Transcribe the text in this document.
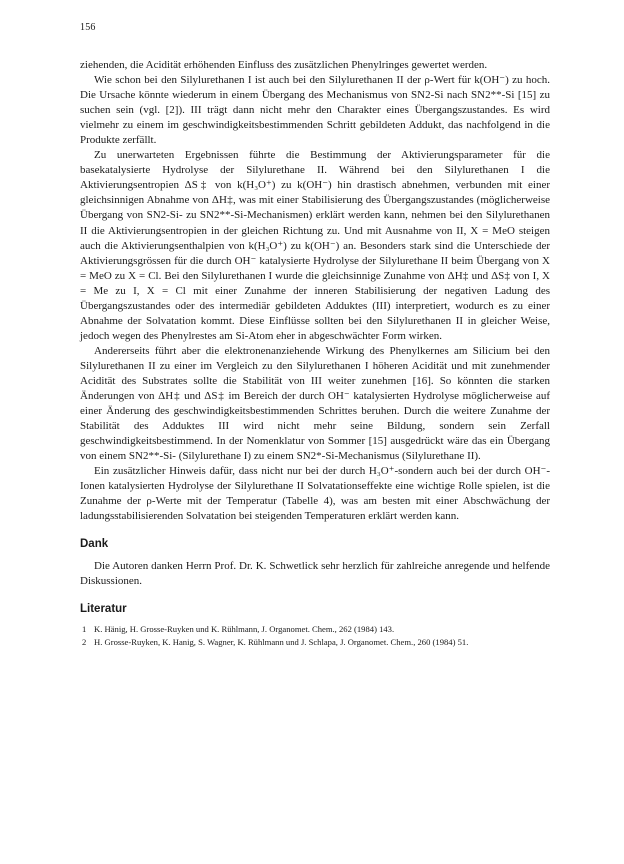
156

ziehenden, die Acidität erhöhenden Einfluss des zusätzlichen Phenylringes gewertet werden.

Wie schon bei den Silylurethanen I ist auch bei den Silylurethanen II der ρ-Wert für k(OH⁻) zu hoch. Die Ursache könnte wiederum in einem Übergang des Mechanismus von SN2-Si nach SN2**-Si [15] zu suchen sein (vgl. [2]). III trägt dann nicht mehr den Charakter eines Übergangszustandes. Es wird vielmehr zu einem im geschwindigkeitsbestimmenden Schritt gebildeten Addukt, das nachfolgend in die Produkte zerfällt.

Zu unerwarteten Ergebnissen führte die Bestimmung der Aktivierungsparameter für die basekatalysierte Hydrolyse der Silylurethane II. Während bei den Silylurethanen I die Aktivierungsentropien ΔS‡ von k(H₃O⁺) zu k(OH⁻) hin drastisch abnehmen, verbunden mit einer gleichsinnigen Abnahme von ΔH‡, was mit einer Stabilisierung des Übergangszustandes (möglicherweise Übergang von SN2-Si- zu SN2**-Si-Mechanismen) erklärt werden kann, nehmen bei den Silylurethanen II die Aktivierungsentropien in der gleichen Richtung zu. Und mit Ausnahme von II, X = MeO steigen auch die Aktivierungsenthalpien von k(H₃O⁺) zu k(OH⁻) an. Besonders stark sind die Unterschiede der Aktivierungsgrössen für die durch OH⁻ katalysierte Hydrolyse der Silylurethane II beim Übergang von X = MeO zu X = Cl. Bei den Silylurethanen I wurde die gleichsinnige Zunahme von ΔH‡ und ΔS‡ von I, X = Me zu I, X = Cl mit einer Zunahme der inneren Stabilisierung der negativen Ladung des Übergangszustandes oder des intermediär gebildeten Adduktes (III) interpretiert, wodurch es zu einer Abnahme der Solvatation kommt. Diese Einflüsse sollten bei den Silylurethanen II in gleicher Weise, jedoch wegen des Phenylrestes am Si-Atom eher in abgeschwächter Form wirken.

Andererseits führt aber die elektronenanziehende Wirkung des Phenylkernes am Silicium bei den Silylurethanen II zu einer im Vergleich zu den Silylurethanen I höheren Acidität und mit zunehmender Acidität des Substrates sollte die Stabilität von III weiter zunehmen [16]. So könnten die starken Änderungen von ΔH‡ und ΔS‡ im Bereich der durch OH⁻ katalysierten Hydrolyse möglicherweise auf einer Änderung des geschwindigkeitsbestimmenden Schrittes beruhen. Durch die weitere Zunahme der Stabilität des Adduktes III wird nicht mehr seine Bildung, sondern sein Zerfall geschwindigkeitsbestimmend. In der Nomenklatur von Sommer [15] ausgedrückt wäre das ein Übergang von einem SN2**-Si- (Silylurethane I) zu einem SN2*-Si-Mechanismus (Silylurethane II).

Ein zusätzlicher Hinweis dafür, dass nicht nur bei der durch H₃O⁺-sondern auch bei der durch OH⁻-Ionen katalysierten Hydrolyse der Silylurethane II Solvatationseffekte eine wichtige Rolle spielen, ist die Zunahme der ρ-Werte mit der Temperatur (Tabelle 4), was am besten mit einer Abschwächung der ladungsstabilisierenden Solvatation bei steigenden Temperaturen erklärt werden kann.

Dank

Die Autoren danken Herrn Prof. Dr. K. Schwetlick sehr herzlich für zahlreiche anregende und helfende Diskussionen.

Literatur
1 K. Hänig, H. Grosse-Ruyken und K. Rühlmann, J. Organomet. Chem., 262 (1984) 143.
2 H. Grosse-Ruyken, K. Hanig, S. Wagner, K. Rühlmann und J. Schlapa, J. Organomet. Chem., 260 (1984) 51.
